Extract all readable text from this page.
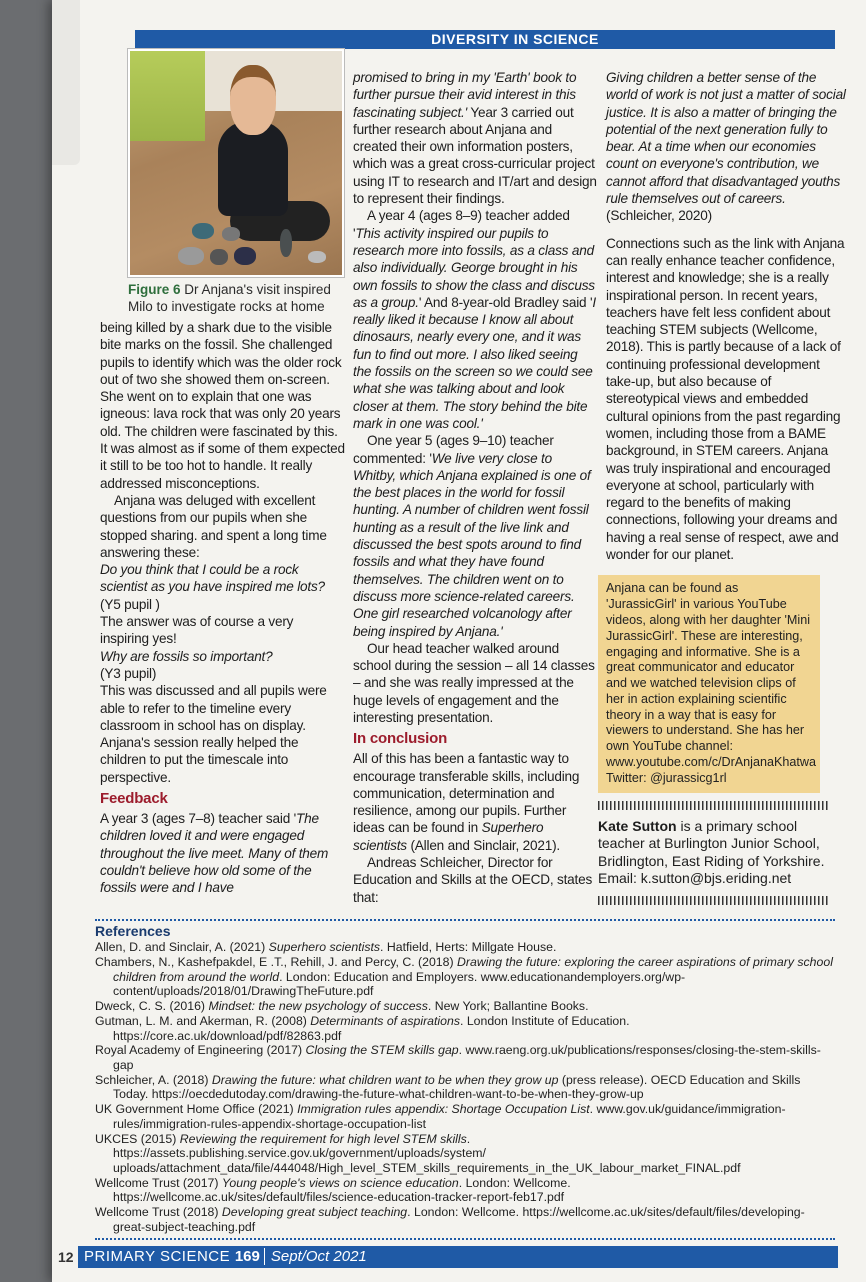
DIVERSITY IN SCIENCE
Figure 6 Dr Anjana's visit inspired Milo to investigate rocks at home

being killed by a shark due to the visible bite marks on the fossil. She challenged pupils to identify which was the older rock out of two she showed them on-screen. She went on to explain that one was igneous: lava rock that was only 20 years old. The children were fascinated by this. It was almost as if some of them expected it still to be too hot to handle. It really addressed misconceptions.

Anjana was deluged with excellent questions from our pupils when she stopped sharing. and spent a long time answering these:

Do you think that I could be a rock scientist as you have inspired me lots?

(Y5 pupil )

The answer was of course a very inspiring yes!

Why are fossils so important?

(Y3 pupil)

This was discussed and all pupils were able to refer to the timeline every classroom in school has on display. Anjana's session really helped the children to put the timescale into perspective.

Feedback

A year 3 (ages 7–8) teacher said 'The children loved it and were engaged throughout the live meet. Many of them couldn't believe how old some of the fossils were and I have

promised to bring in my 'Earth' book to further pursue their avid interest in this fascinating subject.' Year 3 carried out further research about Anjana and created their own information posters, which was a great cross-curricular project using IT to research and IT/art and design to represent their findings.

A year 4 (ages 8–9) teacher added 'This activity inspired our pupils to research more into fossils, as a class and also individually. George brought in his own fossils to show the class and discuss as a group.' And 8-year-old Bradley said 'I really liked it because I know all about dinosaurs, nearly every one, and it was fun to find out more. I also liked seeing the fossils on the screen so we could see what she was talking about and look closer at them. The story behind the bite mark in one was cool.'

One year 5 (ages 9–10) teacher commented: 'We live very close to Whitby, which Anjana explained is one of the best places in the world for fossil hunting. A number of children went fossil hunting as a result of the live link and discussed the best spots around to find fossils and what they have found themselves. The children went on to discuss more science-related careers. One girl researched volcanology after being inspired by Anjana.'

Our head teacher walked around school during the session – all 14 classes – and she was really impressed at the huge levels of engagement and the interesting presentation.

In conclusion

All of this has been a fantastic way to encourage transferable skills, including communication, determination and resilience, among our pupils. Further ideas can be found in Superhero scientists (Allen and Sinclair, 2021).

Andreas Schleicher, Director for Education and Skills at the OECD, states that:

Giving children a better sense of the world of work is not just a matter of social justice. It is also a matter of bringing the potential of the next generation fully to bear. At a time when our economies count on everyone's contribution, we cannot afford that disadvantaged youths rule themselves out of careers. (Schleicher, 2020)

Connections such as the link with Anjana can really enhance teacher confidence, interest and knowledge; she is a really inspirational person. In recent years, teachers have felt less confident about teaching STEM subjects (Wellcome, 2018). This is partly because of a lack of continuing professional development take-up, but also because of stereotypical views and embedded cultural opinions from the past regarding women, including those from a BAME background, in STEM careers. Anjana was truly inspirational and encouraged everyone at school, particularly with regard to the benefits of making connections, following your dreams and having a real sense of respect, awe and wonder for our planet.

Anjana can be found as 'JurassicGirl' in various YouTube videos, along with her daughter 'Mini JurassicGirl'. These are interesting, engaging and informative. She is a great communicator and educator and we watched television clips of her in action explaining scientific theory in a way that is easy for viewers to understand. She has her own YouTube channel:
www.youtube.com/c/DrAnjanaKhatwa
Twitter: @jurassicg1rl
Kate Sutton is a primary school teacher at Burlington Junior School, Bridlington, East Riding of Yorkshire. Email: k.sutton@bjs.eriding.net
References
Allen, D. and Sinclair, A. (2021) Superhero scientists. Hatfield, Herts: Millgate House.
Chambers, N., Kashefpakdel, E .T., Rehill, J. and Percy, C. (2018) Drawing the future: exploring the career aspirations of primary school children from around the world. London: Education and Employers. www.educationandemployers.org/wp-content/uploads/2018/01/DrawingTheFuture.pdf
Dweck, C. S. (2016) Mindset: the new psychology of success. New York; Ballantine Books.
Gutman, L. M. and Akerman, R. (2008) Determinants of aspirations. London Institute of Education. https://core.ac.uk/download/pdf/82863.pdf
Royal Academy of Engineering (2017) Closing the STEM skills gap. www.raeng.org.uk/publications/responses/closing-the-stem-skills-gap
Schleicher, A. (2018) Drawing the future: what children want to be when they grow up (press release). OECD Education and Skills Today. https://oecdedutoday.com/drawing-the-future-what-children-want-to-be-when-they-grow-up
UK Government Home Office (2021) Immigration rules appendix: Shortage Occupation List. www.gov.uk/guidance/immigration-rules/immigration-rules-appendix-shortage-occupation-list
UKCES (2015) Reviewing the requirement for high level STEM skills. https://assets.publishing.service.gov.uk/government/uploads/system/ uploads/attachment_data/file/444048/High_level_STEM_skills_requirements_in_the_UK_labour_market_FINAL.pdf
Wellcome Trust (2017) Young people's views on science education. London: Wellcome. https://wellcome.ac.uk/sites/default/files/science-education-tracker-report-feb17.pdf
Wellcome Trust (2018) Developing great subject teaching. London: Wellcome. https://wellcome.ac.uk/sites/default/files/developing-great-subject-teaching.pdf
12 PRIMARY SCIENCE 169 Sept/Oct 2021
